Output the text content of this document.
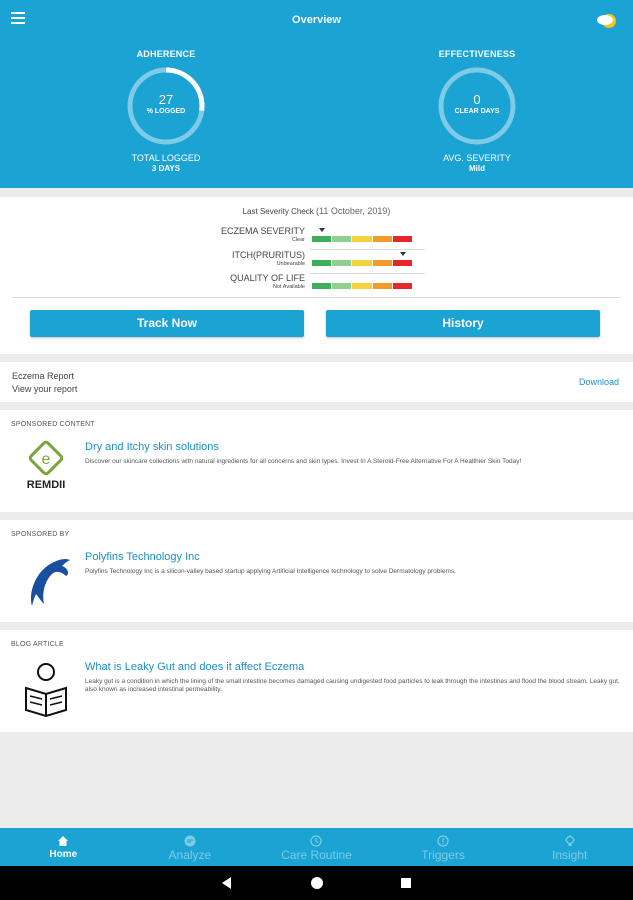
Overview
ADHERENCE
27
% LOGGED
TOTAL LOGGED
3 DAYS
EFFECTIVENESS
0
CLEAR DAYS
AVG. SEVERITY
Mild
Last Severity Check (11 October, 2019)
ECZEMA SEVERITY
Clear
ITCH(PRURITUS)
Unbearable
QUALITY OF LIFE
Not Available
Track Now	History
Eczema Report
View your report
Download
SPONSORED CONTENT
e
REMDII
Dry and Itchy skin solutions
Discover our skincare collections with natural ingredients for all concerns and skin types. Invest In A Steroid-Free Alternative For A Healthier Skin Today!
SPONSORED BY
Polyfins Technology Inc
Polyfins Technology Inc is a silicon-valley based startup applying Artificial Intelligence technology to solve Dermatology problems.
BLOG ARTICLE
What is Leaky Gut and does it affect Eczema
Leaky gut is a condition in which the lining of the small intestine becomes damaged causing undigested food particles to leak through the intestines and flood the blood stream. Leaky gut, also known as increased intestinal permeability.
Home	Analyze	Care Routine	Triggers	Insight
